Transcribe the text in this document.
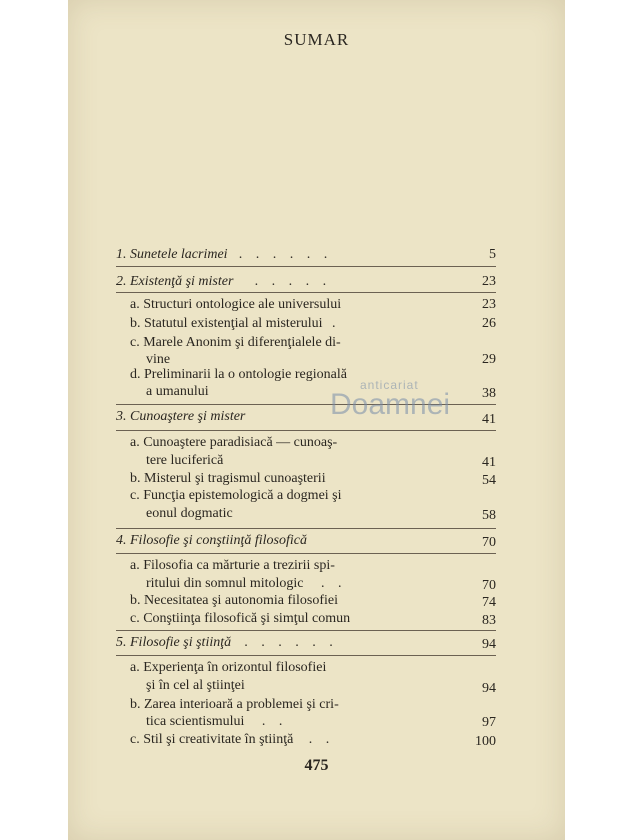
SUMAR
1. Sunetele lacrimei . . . . . .	5
2. Existenţă şi mister . . . . .	23
a. Structuri ontologice ale universului	23
b. Statutul existenţial al misterului .	26
c. Marele Anonim şi diferenţialele di-
vine	29
d. Preliminarii la o ontologie regională
a umanului	38
3. Cunoaştere şi mister	41
a. Cunoaştere paradisiacă — cunoaş-
tere luciferică	41
b. Misterul şi tragismul cunoaşterii	54
c. Funcţia epistemologică a dogmei şi
eonul dogmatic	58
4. Filosofie şi conştiinţă filosofică	70
a. Filosofia ca mărturie a trezirii spi-
ritului din somnul mitologic . .	70
b. Necesitatea şi autonomia filosofiei	74
c. Conştiinţa filosofică şi simţul comun	83
5. Filosofie şi ştiinţă . . . . . .	94
a. Experienţa în orizontul filosofiei
şi în cel al ştiinţei	94
b. Zarea interioară a problemei şi cri-
tica scientismului . .	97
c. Stil şi creativitate în ştiinţă . .	100
475
anticariat
Doamnei
